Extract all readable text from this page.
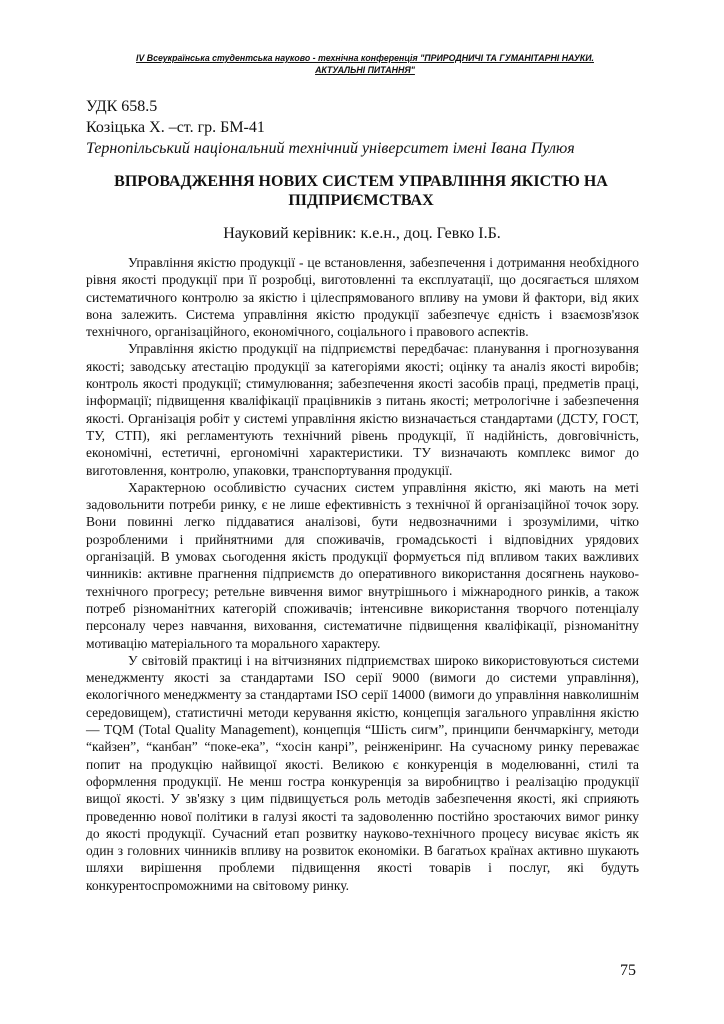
IV Всеукраїнська студентська науково - технічна конференція "ПРИРОДНИЧІ ТА ГУМАНІТАРНІ НАУКИ.
АКТУАЛЬНІ ПИТАННЯ"
УДК 658.5
Козіцька Х. –ст. гр. БМ-41
Тернопільський національний технічний університет імені Івана Пулюя
ВПРОВАДЖЕННЯ НОВИХ СИСТЕМ УПРАВЛІННЯ ЯКІСТЮ НА
ПІДПРИЄМСТВАХ
Науковий керівник: к.е.н., доц. Гевко І.Б.

Управління якістю продукції - це встановлення, забезпечення і дотримання необхідного рівня якості продукції при її розробці, виготовленні та експлуатації, що досягається шляхом систематичного контролю за якістю і цілеспрямованого впливу на умови й фактори, від яких вона залежить. Система управління якістю продукції забезпечує єдність і взаємозв'язок технічного, організаційного, економічного, соціального і правового аспектів.

Управління якістю продукції на підприємстві передбачає: планування і прогнозування якості; заводську атестацію продукції за категоріями якості; оцінку та аналіз якості виробів; контроль якості продукції; стимулювання; забезпечення якості засобів праці, предметів праці, інформації; підвищення кваліфікації працівників з питань якості; метрологічне і забезпечення якості. Організація робіт у системі управління якістю визначається стандартами (ДСТУ, ГОСТ, ТУ, СТП), які регламентують технічний рівень продукції, її надійність, довговічність, економічні, естетичні, ергономічні характеристики. ТУ визначають комплекс вимог до виготовлення, контролю, упаковки, транспортування продукції.

Характерною особливістю сучасних систем управління якістю, які мають на меті задовольнити потреби ринку, є не лише ефективність з технічної й організаційної точок зору. Вони повинні легко піддаватися аналізові, бути недвозначними і зрозумілими, чітко розробленими і прийнятними для споживачів, громадськості і відповідних урядових організацій. В умовах сьогодення якість продукції формується під впливом таких важливих чинників: активне прагнення підприємств до оперативного використання досягнень науково-технічного прогресу; ретельне вивчення вимог внутрішнього і міжнародного ринків, а також потреб різноманітних категорій споживачів; інтенсивне використання творчого потенціалу персоналу через навчання, виховання, систематичне підвищення кваліфікації, різноманітну мотивацію матеріального та морального характеру.

У світовій практиці і на вітчизняних підприємствах широко використовуються системи менеджменту якості за стандартами ISO серії 9000 (вимоги до системи управління), екологічного менеджменту за стандартами ISO серії 14000 (вимоги до управління навколишнім середовищем), статистичні методи керування якістю, концепція загального управління якістю — TQM (Total Quality Management), концепція “Шість сигм”, принципи бенчмаркінгу, методи “кайзен”, “канбан” “поке-ека”, “хосін канрі”, реінженіринг. На сучасному ринку переважає попит на продукцію найвищої якості. Великою є конкуренція в моделюванні, стилі та оформлення продукції. Не менш гостра конкуренція за виробництво і реалізацію продукції вищої якості. У зв'язку з цим підвищується роль методів забезпечення якості, які сприяють проведенню нової політики в галузі якості та задоволенню постійно зростаючих вимог ринку до якості продукції. Сучасний етап розвитку науково-технічного процесу висуває якість як один з головних чинників впливу на розвиток економіки. В багатьох країнах активно шукають шляхи вирішення проблеми підвищення якості товарів і послуг, які будуть конкурентоспроможними на світовому ринку.

75
